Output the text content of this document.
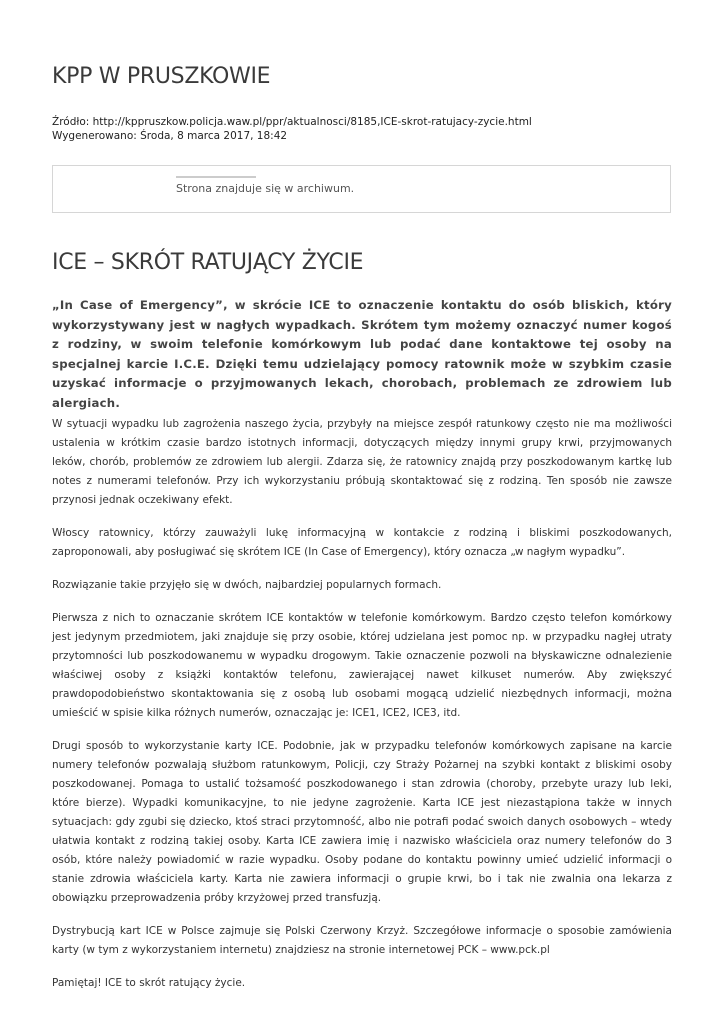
KPP W PRUSZKOWIE
Źródło: http://kppruszkow.policja.waw.pl/ppr/aktualnosci/8185,ICE-skrot-ratujacy-zycie.html
Wygenerowano: Środa, 8 marca 2017, 18:42
Strona znajduje się w archiwum.
ICE – SKRÓT RATUJĄCY ŻYCIE
„In Case of Emergency”, w skrócie ICE to oznaczenie kontaktu do osób bliskich, który wykorzystywany jest w nagłych wypadkach. Skrótem tym możemy oznaczyć numer kogoś z rodziny, w swoim telefonie komórkowym lub podać dane kontaktowe tej osoby na specjalnej karcie I.C.E. Dzięki temu udzielający pomocy ratownik może w szybkim czasie uzyskać informacje o przyjmowanych lekach, chorobach, problemach ze zdrowiem lub alergiach.

W sytuacji wypadku lub zagrożenia naszego życia, przybyły na miejsce zespół ratunkowy często nie ma możliwości ustalenia w krótkim czasie bardzo istotnych informacji, dotyczących między innymi grupy krwi, przyjmowanych leków, chorób, problemów ze zdrowiem lub alergii. Zdarza się, że ratownicy znajdą przy poszkodowanym kartkę lub notes z numerami telefonów. Przy ich wykorzystaniu próbują skontaktować się z rodziną. Ten sposób nie zawsze przynosi jednak oczekiwany efekt.

Włoscy ratownicy, którzy zauważyli lukę informacyjną w kontakcie z rodziną i bliskimi poszkodowanych, zaproponowali, aby posługiwać się skrótem ICE (In Case of Emergency), który oznacza „w nagłym wypadku”.

Rozwiązanie takie przyjęło się w dwóch, najbardziej popularnych formach.

Pierwsza z nich to oznaczanie skrótem ICE kontaktów w telefonie komórkowym. Bardzo często telefon komórkowy jest jedynym przedmiotem, jaki znajduje się przy osobie, której udzielana jest pomoc np. w przypadku nagłej utraty przytomności lub poszkodowanemu w wypadku drogowym. Takie oznaczenie pozwoli na błyskawiczne odnalezienie właściwej osoby z książki kontaktów telefonu, zawierającej nawet kilkuset numerów. Aby zwiększyć prawdopodobieństwo skontaktowania się z osobą lub osobami mogącą udzielić niezbędnych informacji, można umieścić w spisie kilka różnych numerów, oznaczając je: ICE1, ICE2, ICE3, itd.

Drugi sposób to wykorzystanie karty ICE. Podobnie, jak w przypadku telefonów komórkowych zapisane na karcie numery telefonów pozwalają służbom ratunkowym, Policji, czy Straży Pożarnej na szybki kontakt z bliskimi osoby poszkodowanej. Pomaga to ustalić tożsamość poszkodowanego i stan zdrowia (choroby, przebyte urazy lub leki, które bierze). Wypadki komunikacyjne, to nie jedyne zagrożenie. Karta ICE jest niezastąpiona także w innych sytuacjach: gdy zgubi się dziecko, ktoś straci przytomność, albo nie potrafi podać swoich danych osobowych – wtedy ułatwia kontakt z rodziną takiej osoby. Karta ICE zawiera imię i nazwisko właściciela oraz numery telefonów do 3 osób, które należy powiadomić w razie wypadku. Osoby podane do kontaktu powinny umieć udzielić informacji o stanie zdrowia właściciela karty. Karta nie zawiera informacji o grupie krwi, bo i tak nie zwalnia ona lekarza z obowiązku przeprowadzenia próby krzyżowej przed transfuzją.

Dystrybucją kart ICE w Polsce zajmuje się Polski Czerwony Krzyż. Szczegółowe informacje o sposobie zamówienia karty (w tym z wykorzystaniem internetu) znajdziesz na stronie internetowej PCK – www.pck.pl

Pamiętaj! ICE to skrót ratujący życie.
